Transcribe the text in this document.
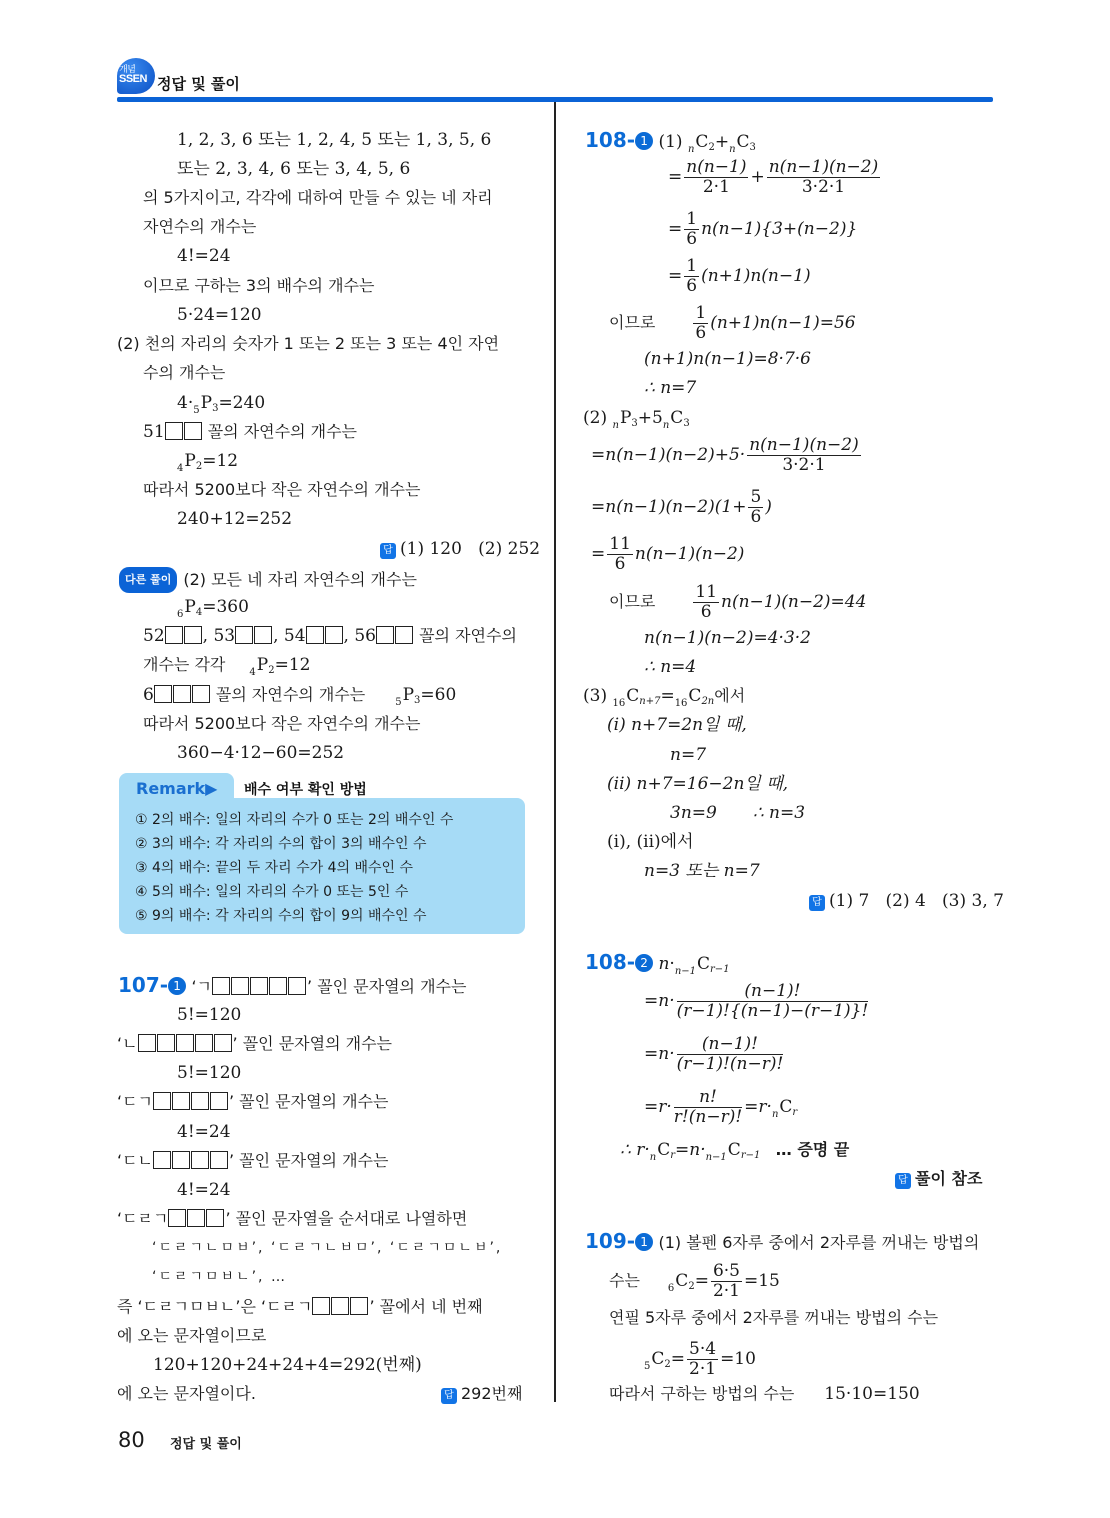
개념
SSEN 정답 및 풀이
1, 2, 3, 6 또는 1, 2, 4, 5 또는 1, 3, 5, 6
또는 2, 3, 4, 6 또는 3, 4, 5, 6
의 5가지이고, 각각에 대하여 만들 수 있는 네 자리
자연수의 개수는
4!=24
이므로 구하는 3의 배수의 개수는
5·24=120
(2) 천의 자리의 숫자가 1 또는 2 또는 3 또는 4인 자연
수의 개수는
$4\cdot_5P_3=240$
51 꼴의 자연수의 개수는
$_4P_2=12$
따라서 5200보다 작은 자연수의 개수는
240+12=252
답 (1) 120   (2) 252
다른 풀이 (2) 모든 네 자리 자연수의 개수는
$_6P_4=360$
52 , 53 , 54 , 56 꼴의 자연수의
개수는 각각 $_4P_2=12$
6	꼴의 자연수의 개수는	$_5P_3=60$
따라서 5200보다 작은 자연수의 개수는
360−4·12−60=252
Remark▶ 배수 여부 확인 방법
① 2의 배수: 일의 자리의 수가 0 또는 2의 배수인 수
② 3의 배수: 각 자리의 수의 합이 3의 배수인 수
③ 4의 배수: 끝의 두 자리 수가 4의 배수인 수
④ 5의 배수: 일의 자리의 수가 0 또는 5인 수
⑤ 9의 배수: 각 자리의 수의 합이 9의 배수인 수
107- 1 ‘ㄱ	’ 꼴인 문자열의 개수는
5!=120
‘ㄴ	’ 꼴인 문자열의 개수는
5!=120
‘ㄷㄱ	’ 꼴인 문자열의 개수는
4!=24
‘ㄷㄴ	’ 꼴인 문자열의 개수는
4!=24
‘ㄷㄹㄱ	’ 꼴인 문자열을 순서대로 나열하면
‘ㄷㄹㄱㄴㅁㅂ’, ‘ㄷㄹㄱㄴㅂㅁ’, ‘ㄷㄹㄱㅁㄴㅂ’,
‘ㄷㄹㄱㅁㅂㄴ’, …
즉 ‘ㄷㄹㄱㅁㅂㄴ’은 ‘ㄷㄹㄱ	’ 꼴에서 네 번째
에 오는 문자열이므로
120+120+24+24+4=292(번째)
에 오는 문자열이다.	답 292번째
108- 1 (1) $_nC_2+_nC_3$
= $\frac{n(n-1)}{2\cdot 1} + \frac{n(n-1)(n-2)}{3\cdot 2\cdot 1}$
= $\frac{1}{6} n(n-1)\{3+(n-2)\}$
= $\frac{1}{6} (n+1)n(n-1)$
이므로 $\frac{1}{6} (n+1)n(n-1)=56$
(n+1)n(n−1)=8·7·6
∴ n=7
(2) $_nP_3+5_nC_3$
$=n(n-1)(n-2)+5\cdot \frac{n(n-1)(n-2)}{3\cdot 2\cdot 1}$
$=n(n-1)(n-2)(1+ \frac{5}{6}$ )
= $\frac{11}{6} n(n-1)(n-2)$
이므로 $\frac{11}{6} n(n-1)(n-2)=44$
n(n−1)(n−2)=4·3·2
∴ n=4
(3) $_{16}C_{n+7}=_{16}C_{2n}$에서
(i) n+7=2n일 때,
n=7
(ii) n+7=16−2n일 때,
3n=9 ∴ n=3
(i), (ii)에서
n=3 또는 n=7
답 (1) 7   (2) 4   (3) 3, 7
108- 2 $n\cdot_{n-1}C_{r-1}$
$=n\cdot \frac{(n-1)!}{(r-1)!\{(n-1)-(r-1)\}!}$
$=n\cdot \frac{(n-1)!}{(r-1)!(n-r)!}$
$=r\cdot \frac{n!}{r!(n-r)!} =r\cdot_nC_r$
∴ $r\cdot_nC_r=n\cdot_{n-1}C_{r-1}$ … 증명 끝
답 풀이 참조
109- 1 (1) 볼펜 6자루 중에서 2자루를 꺼내는 방법의
수는	$_6C_2= \frac{6\cdot 5}{2\cdot 1} =15$
연필 5자루 중에서 2자루를 꺼내는 방법의 수는
$_5C_2= \frac{5\cdot 4}{2\cdot 1} =10$
따라서 구하는 방법의 수는 15·10=150
80 정답 및 풀이
